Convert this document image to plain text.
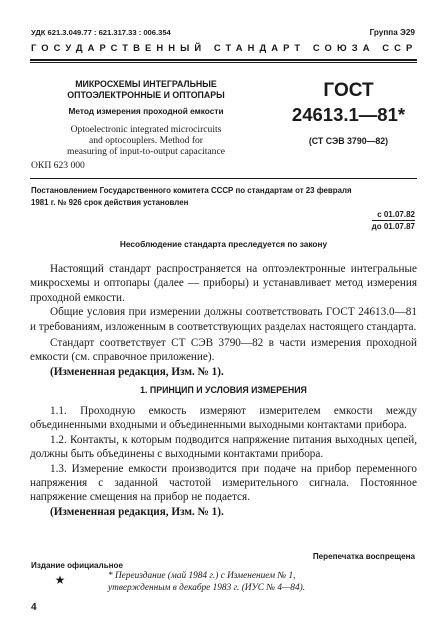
УДК 621.3.049.77 : 621.317.33 : 006.354	Группа Э29
ГОСУДАРСТВЕННЫЙ СТАНДАРТ СОЮЗА ССР
МИКРОСХЕМЫ ИНТЕГРАЛЬНЫЕ
ОПТОЭЛЕКТРОННЫЕ И ОПТОПАРЫ
Метод измерения проходной емкости
Optoelectronic integrated microcircuits
and optocouplers. Method for
measuring of input-to-output capacitance
ОКП 623 000
ГОСТ
24613.1—81*
(СТ СЭВ 3790—82)
Постановлением Государственного комитета СССР по стандартам от 23 февраля
1981 г. № 926 срок действия установлен
с 01.07.82
до 01.07.87
Несоблюдение стандарта преследуется по закону
Настоящий стандарт распространяется на оптоэлектронные интегральные микросхемы и оптопары (далее — приборы) и устанавливает метод измерения проходной емкости.
Общие условия при измерении должны соответствовать ГОСТ 24613.0—81 и требованиям, изложенным в соответствующих разделах настоящего стандарта.
Стандарт соответствует СТ СЭВ 3790—82 в части измерения проходной емкости (см. справочное приложение).
(Измененная редакция, Изм. № 1).
1. ПРИНЦИП И УСЛОВИЯ ИЗМЕРЕНИЯ
1.1. Проходную емкость измеряют измерителем емкости между объединенными входными и объединенными выходными контактами прибора.
1.2. Контакты, к которым подводится напряжение питания выходных цепей, должны быть объединены с выходными контактами прибора.
1.3. Измерение емкости производится при подаче на прибор переменного напряжения с заданной частотой измерительного сигнала. Постоянное напряжение смещения на прибор не подается.
(Измененная редакция, Изм. № 1).
Издание официальное
Перепечатка воспрещена
★	* Переиздание (май 1984 г.) с Изменением № 1,
утвержденным в декабре 1983 г. (ИУС № 4—84).
4
